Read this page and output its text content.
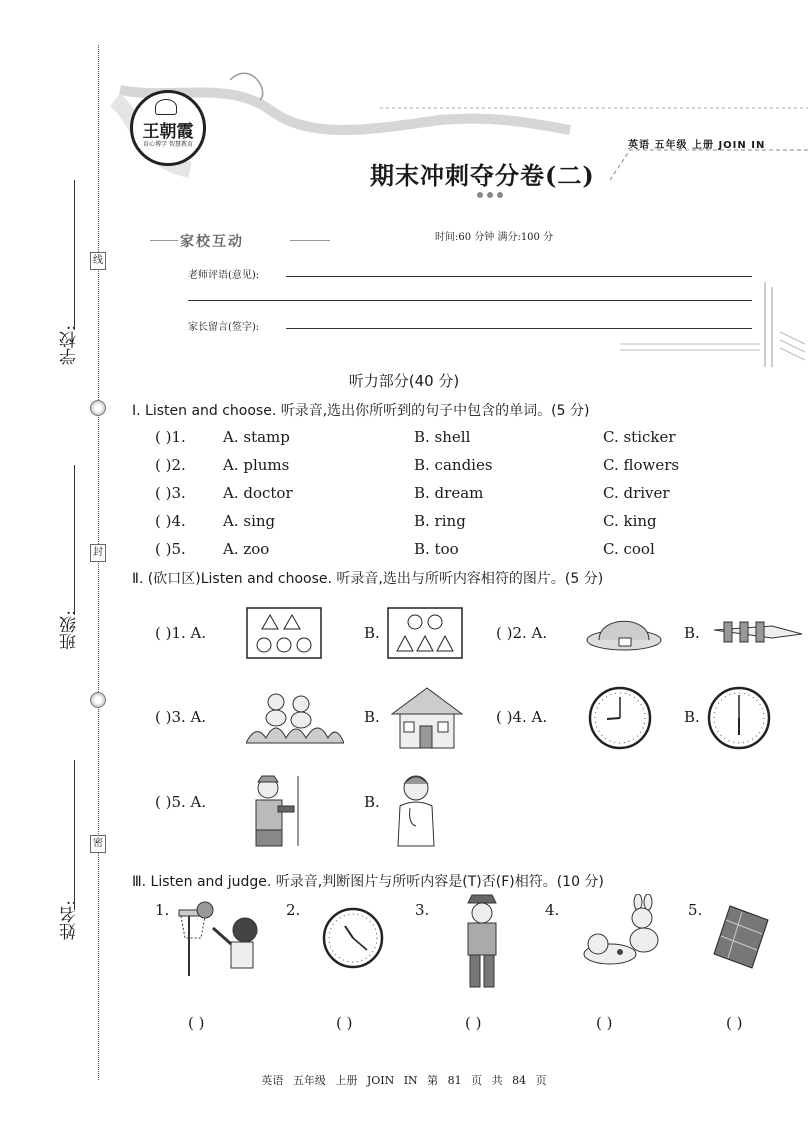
学校:
班级:
姓名:
线
封
密
王朝霞
育心博学 智慧教育	英语 五年级 上册 JOIN IN
期末冲刺夺分卷(二)
时间:60 分钟 满分:100 分
家校互动
老师评语(意见):
家长留言(签字):
听力部分(40 分)
Ⅰ. Listen and choose. 听录音,选出你所听到的句子中包含的单词。(5 分)
( )1. A. stamp	B. shell	C. sticker
( )2. A. plums	B. candies	C. flowers
( )3. A. doctor	B. dream	C. driver
( )4. A. sing	B. ring	C. king
( )5. A. zoo	B. too	C. cool
Ⅱ. (砍口区)Listen and choose. 听录音,选出与所听内容相符的图片。(5 分)
( )1. A.	B.	( )2. A.	B.
( )3. A.	B.	( )4. A.	B.
( )5. A.	B.
Ⅲ. Listen and judge. 听录音,判断图片与所听内容是(T)否(F)相符。(10 分)
1.	2.	3.	4.	5.
( )	( )	( )	( )	( )
英语 五年级 上册 JOIN IN 第 81 页 共 84 页
